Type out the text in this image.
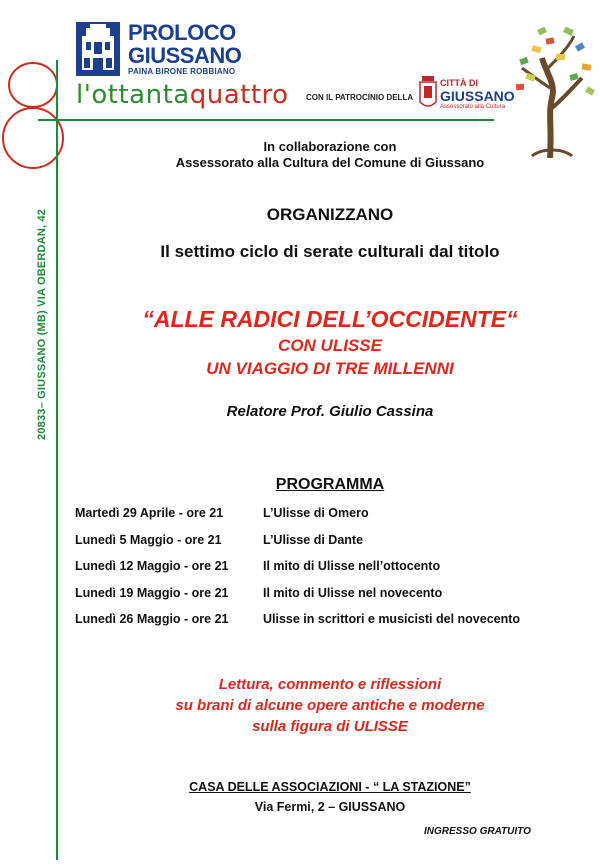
PROLOCO
GIUSSANO
PAINA BIRONE ROBBIANO
l'ottantaquattro CON IL PATROCINIO DELLA
CITTÀ DI
GIUSSANO
Assessorato alla Cultura
20833– GIUSSANO (MB) VIA OBERDAN, 42
In collaborazione con
Assessorato alla Cultura del Comune di Giussano
ORGANIZZANO
Il settimo ciclo di serate culturali dal titolo
“ALLE RADICI DELL’OCCIDENTE“
CON ULISSE
UN VIAGGIO DI TRE MILLENNI
Relatore Prof. Giulio Cassina
PROGRAMMA
Martedì 29 Aprile - ore 21	L’Ulisse di Omero
Lunedì 5 Maggio - ore 21	L’Ulisse di Dante
Lunedì 12 Maggio - ore 21	Il mito di Ulisse nell’ottocento
Lunedì 19 Maggio - ore 21	Il mito di Ulisse nel novecento
Lunedì 26 Maggio - ore 21	Ulisse in scrittori e musicisti del novecento
Lettura, commento e riflessioni
su brani di alcune opere antiche e moderne
sulla figura di ULISSE
CASA DELLE ASSOCIAZIONI - “ LA STAZIONE”
Via Fermi, 2 – GIUSSANO
INGRESSO GRATUITO
